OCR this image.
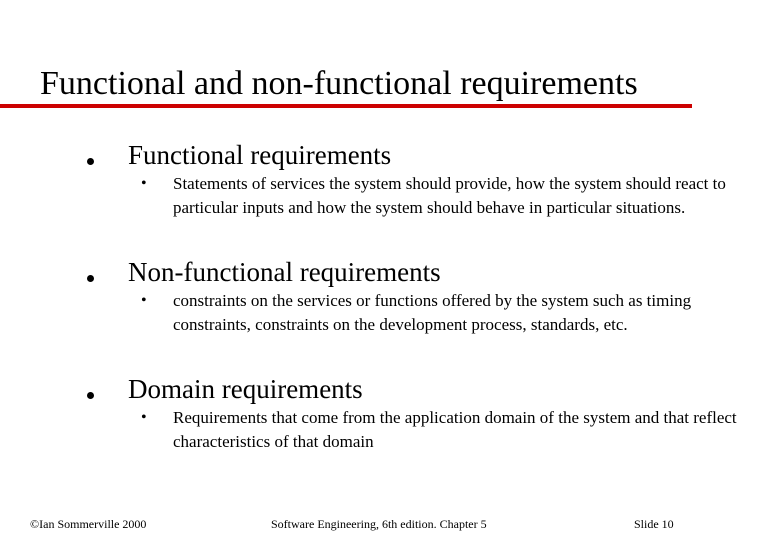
Functional and non-functional requirements
Functional requirements
• Statements of services the system should provide, how the system should react to particular inputs and how the system should behave in particular situations.
Non-functional requirements
• constraints on the services or functions offered by the system such as timing constraints, constraints on the development process, standards, etc.
Domain requirements
• Requirements that come from the application domain of the system and that reflect characteristics of that domain
©Ian Sommerville 2000	Software Engineering, 6th edition. Chapter 5	Slide 10
